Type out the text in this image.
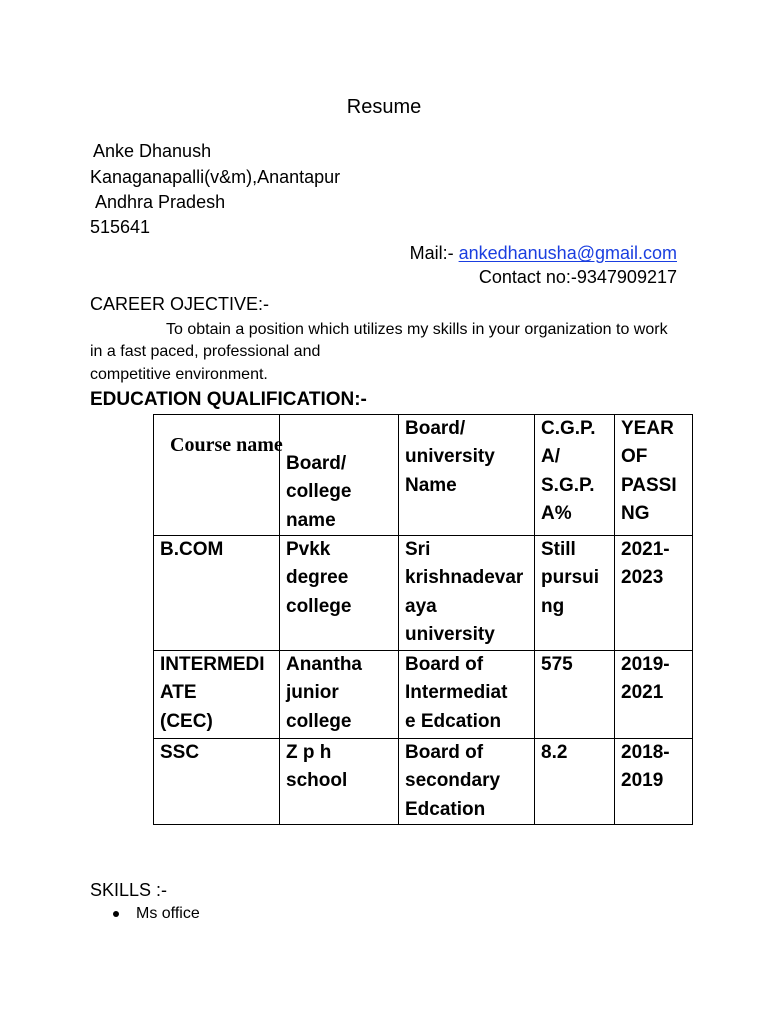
Resume
Anke Dhanush
Kanaganapalli(v&m),Anantapur
Andhra Pradesh
515641
Mail:- ankedhanusha@gmail.com
Contact no:-9347909217
CAREER OJECTIVE:-
To obtain a position which utilizes my skills in your organization to work
in a fast paced, professional and
competitive environment.
EDUCATION QUALIFICATION:-
Course name	Board/
college
name	Board/
university
Name	C.G.P.
A/
S.G.P.
A%	YEAR
OF
PASSI
NG

B.COM	Pvkk
degree
college	Sri
krishnadevar
aya
university	Still
pursui
ng	2021-
2023

INTERMEDI
ATE
(CEC)	Anantha
junior
college	Board of
Intermediat
e Edcation	575	2019-
2021

SSC	Z p h
school	Board of
secondary
Edcation	8.2	2018-
2019
SKILLS :-
Ms office
